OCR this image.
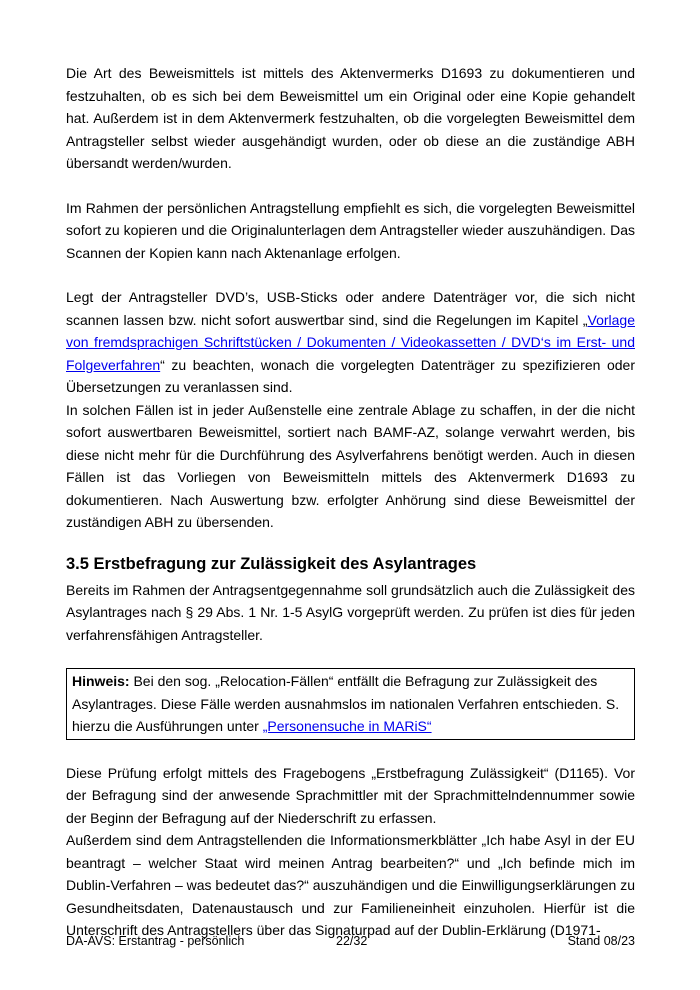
Die Art des Beweismittels ist mittels des Aktenvermerks D1693 zu dokumentieren und festzuhalten, ob es sich bei dem Beweismittel um ein Original oder eine Kopie gehandelt hat. Außerdem ist in dem Aktenvermerk festzuhalten, ob die vorgelegten Beweismittel dem Antragsteller selbst wieder ausgehändigt wurden, oder ob diese an die zuständige ABH übersandt werden/wurden.

Im Rahmen der persönlichen Antragstellung empfiehlt es sich, die vorgelegten Beweismittel sofort zu kopieren und die Originalunterlagen dem Antragsteller wieder auszuhändigen. Das Scannen der Kopien kann nach Aktenanlage erfolgen.

Legt der Antragsteller DVD’s, USB-Sticks oder andere Datenträger vor, die sich nicht scannen lassen bzw. nicht sofort auswertbar sind, sind die Regelungen im Kapitel „Vorlage von fremdsprachigen Schriftstücken / Dokumenten / Videokassetten / DVD‘s im Erst- und Folgeverfahren“ zu beachten, wonach die vorgelegten Datenträger zu spezifizieren oder Übersetzungen zu veranlassen sind.

In solchen Fällen ist in jeder Außenstelle eine zentrale Ablage zu schaffen, in der die nicht sofort auswertbaren Beweismittel, sortiert nach BAMF-AZ, solange verwahrt werden, bis diese nicht mehr für die Durchführung des Asylverfahrens benötigt werden. Auch in diesen Fällen ist das Vorliegen von Beweismitteln mittels des Aktenvermerk D1693 zu dokumentieren. Nach Auswertung bzw. erfolgter Anhörung sind diese Beweismittel der zuständigen ABH zu übersenden.

3.5 Erstbefragung zur Zulässigkeit des Asylantrages

Bereits im Rahmen der Antragsentgegennahme soll grundsätzlich auch die Zulässigkeit des Asylantrages nach § 29 Abs. 1 Nr. 1-5 AsylG vorgeprüft werden. Zu prüfen ist dies für jeden verfahrensfähigen Antragsteller.

Hinweis: Bei den sog. „Relocation-Fällen“ entfällt die Befragung zur Zulässigkeit des Asylantrages. Diese Fälle werden ausnahmslos im nationalen Verfahren entschieden. S. hierzu die Ausführungen unter „Personensuche in MARiS“

Diese Prüfung erfolgt mittels des Fragebogens „Erstbefragung Zulässigkeit“ (D1165). Vor der Befragung sind der anwesende Sprachmittler mit der Sprachmittelndennummer sowie der Beginn der Befragung auf der Niederschrift zu erfassen.

Außerdem sind dem Antragstellenden die Informationsmerkblätter „Ich habe Asyl in der EU beantragt – welcher Staat wird meinen Antrag bearbeiten?“ und „Ich befinde mich im Dublin-Verfahren – was bedeutet das?“ auszuhändigen und die Einwilligungserklärungen zu Gesundheitsdaten, Datenaustausch und zur Familieneinheit einzuholen. Hierfür ist die Unterschrift des Antragstellers über das Signaturpad auf der Dublin-Erklärung (D1971-

DA-AVS: Erstantrag - persönlich	22/32	Stand 08/23
